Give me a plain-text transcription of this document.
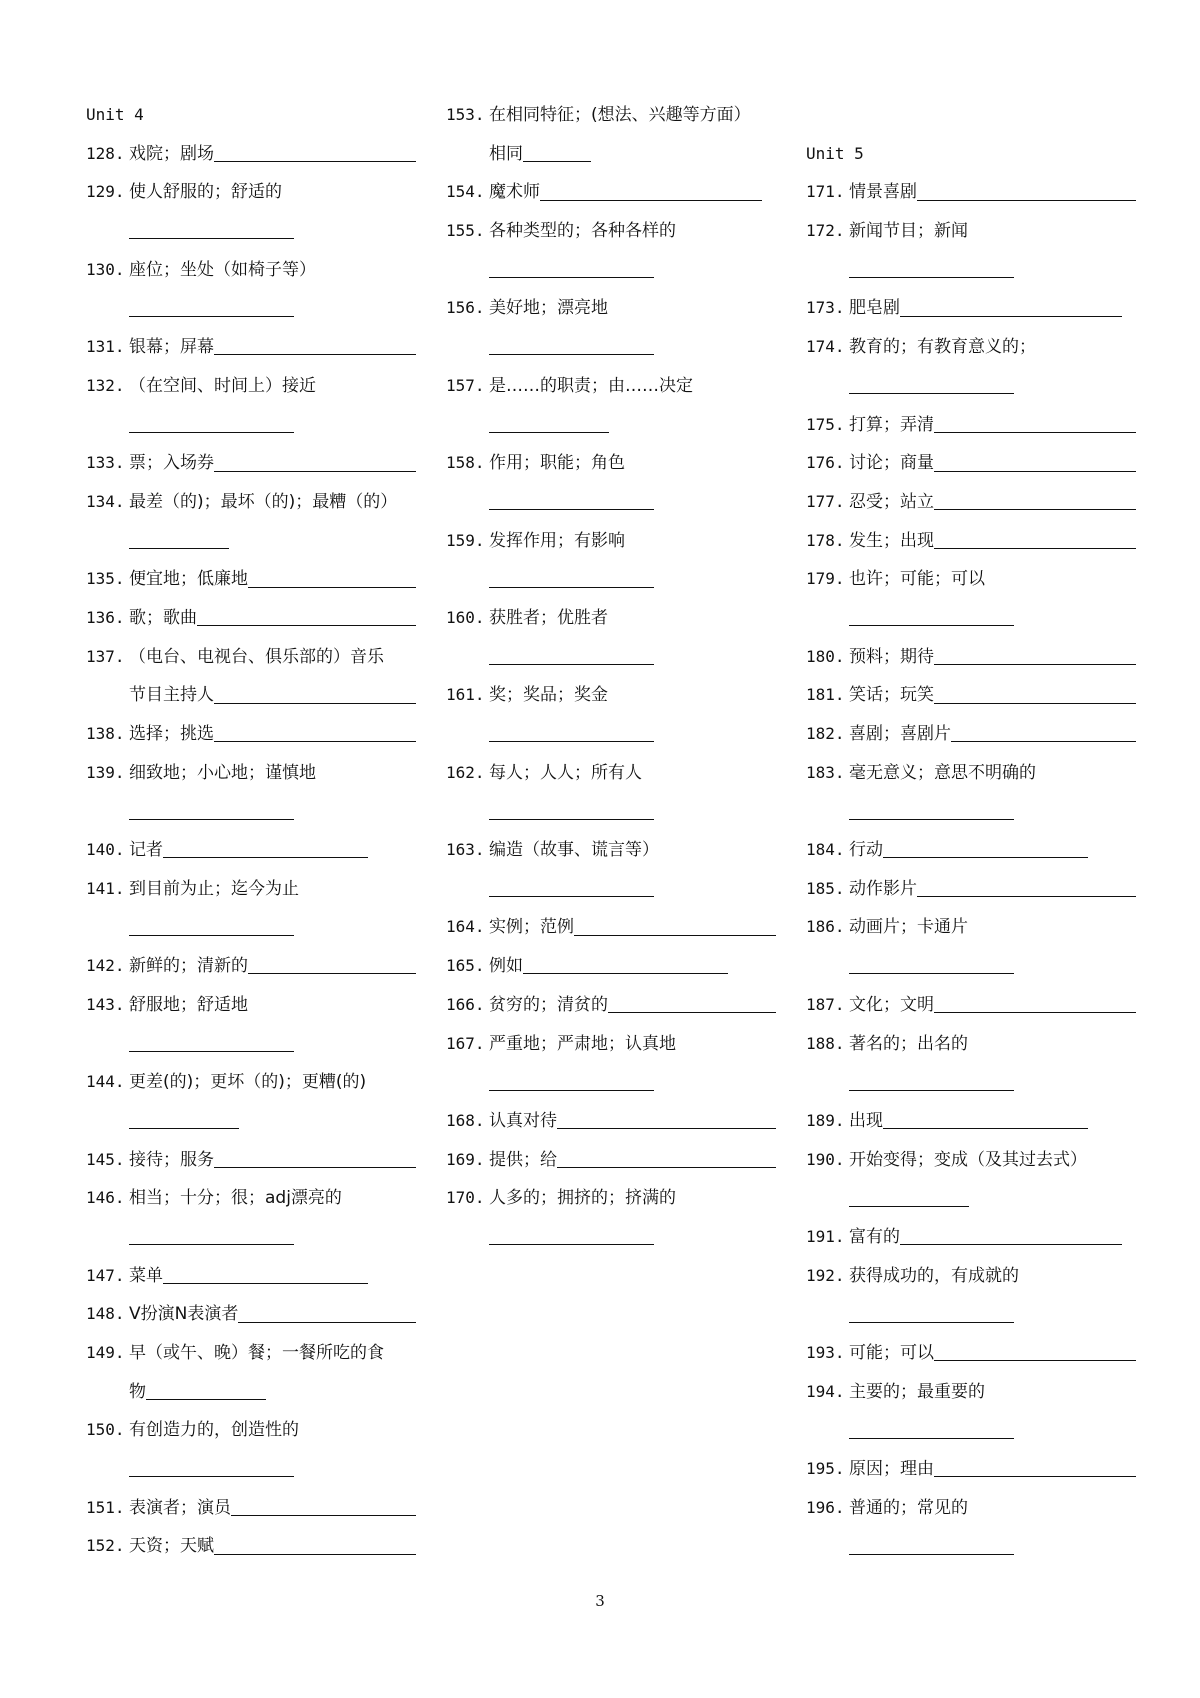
Unit 4
128. 戏院；剧场
129. 使人舒服的；舒适的
130. 座位；坐处（如椅子等）
131. 银幕；屏幕
132. （在空间、时间上）接近
133. 票；入场券
134. 最差（的)；最坏（的)；最糟（的）
135. 便宜地；低廉地
136. 歌；歌曲
137. （电台、电视台、俱乐部的）音乐
节目主持人
138. 选择；挑选
139. 细致地；小心地；谨慎地
140. 记者
141. 到目前为止；迄今为止
142. 新鲜的；清新的
143. 舒服地；舒适地
144. 更差(的)；更坏（的)；更糟(的)
145. 接待；服务
146. 相当；十分；很；adj漂亮的
147. 菜单
148. V扮演N表演者
149. 早（或午、晚）餐；一餐所吃的食
物
150. 有创造力的，创造性的
151. 表演者；演员
152. 天资；天赋
153. 在相同特征；(想法、兴趣等方面）
相同
154. 魔术师
155. 各种类型的；各种各样的
156. 美好地；漂亮地
157. 是……的职责；由……决定
158. 作用；职能；角色
159. 发挥作用；有影响
160. 获胜者；优胜者
161. 奖；奖品；奖金
162. 每人；人人；所有人
163. 编造（故事、谎言等）
164. 实例；范例
165. 例如
166. 贫穷的；清贫的
167. 严重地；严肃地；认真地
168. 认真对待
169. 提供；给
170. 人多的；拥挤的；挤满的
Unit 5
171. 情景喜剧
172. 新闻节目；新闻
173. 肥皂剧
174. 教育的；有教育意义的；
175. 打算；弄清
176. 讨论；商量
177. 忍受；站立
178. 发生；出现
179. 也许；可能；可以
180. 预料；期待
181. 笑话；玩笑
182. 喜剧；喜剧片
183. 毫无意义；意思不明确的
184. 行动
185. 动作影片
186. 动画片；卡通片
187. 文化；文明
188. 著名的；出名的
189. 出现
190. 开始变得；变成（及其过去式）
191. 富有的
192. 获得成功的，有成就的
193. 可能；可以
194. 主要的；最重要的
195. 原因；理由
196. 普通的；常见的
3
